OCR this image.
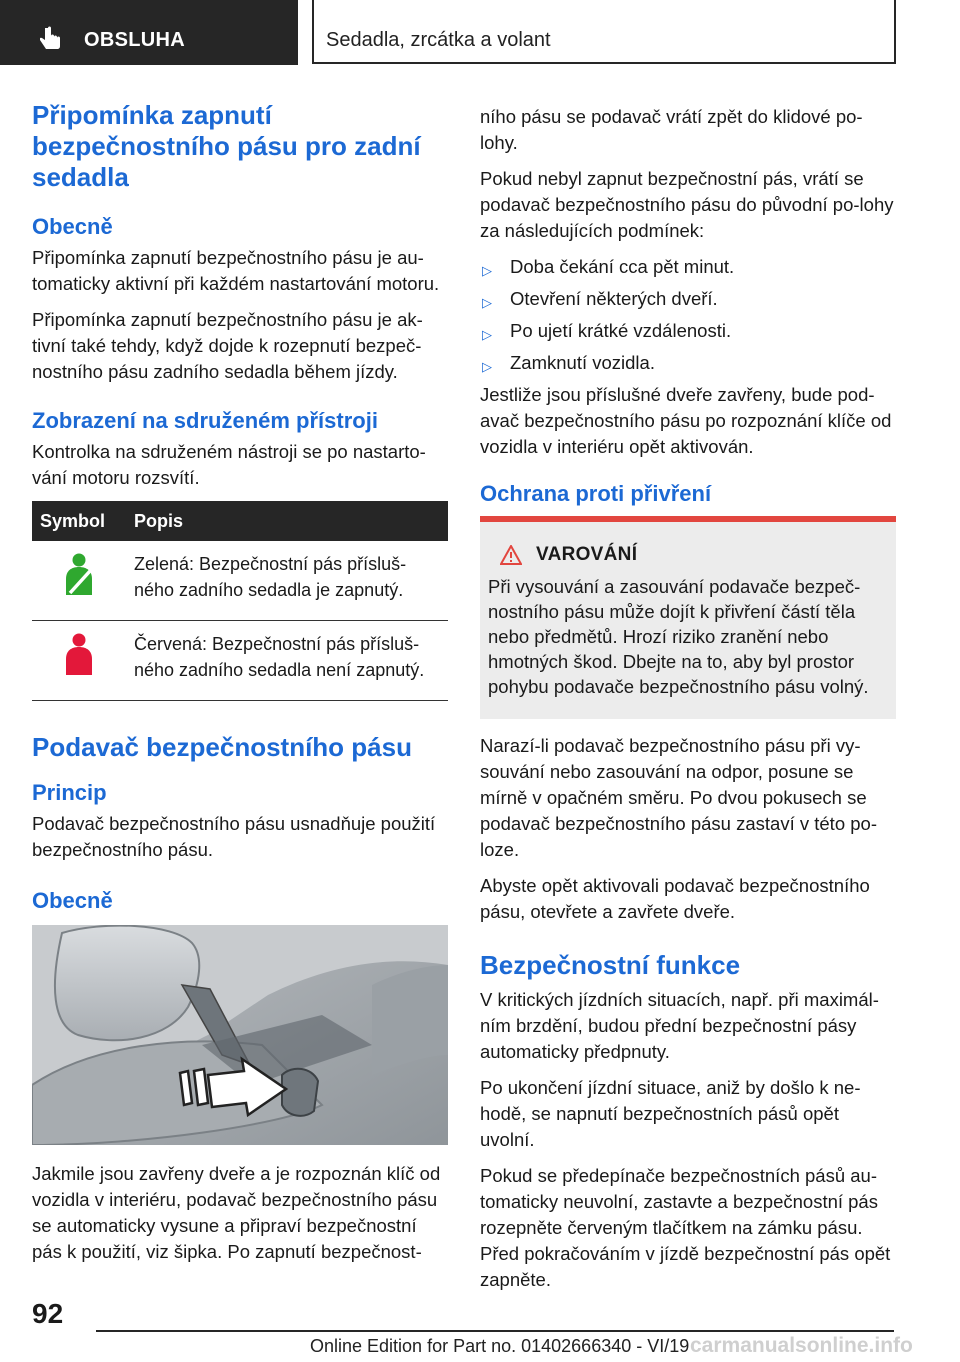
OBSLUHA	Sedadla, zrcátka a volant
Připomínka zapnutí bezpečnostního pásu pro zadní sedadla
Obecně

Připomínka zapnutí bezpečnostního pásu je au-tomaticky aktivní při každém nastartování motoru.

Připomínka zapnutí bezpečnostního pásu je ak-tivní také tehdy, když dojde k rozepnutí bezpeč-nostního pásu zadního sedadla během jízdy.

Zobrazení na sdruženém přístroji

Kontrolka na sdruženém nástroji se po nastarto-vání motoru rozsvítí.

Symbol	Popis
	Zelená: Bezpečnostní pás přísluš-ného zadního sedadla je zapnutý.
	Červená: Bezpečnostní pás přísluš-ného zadního sedadla není zapnutý.
Podavač bezpečnostního pásu
Princip

Podavač bezpečnostního pásu usnadňuje použití bezpečnostního pásu.

Obecně

Jakmile jsou zavřeny dveře a je rozpoznán klíč od vozidla v interiéru, podavač bezpečnostního pásu se automaticky vysune a připraví bezpečnostní pás k použití, viz šipka. Po zapnutí bezpečnost-

ního pásu se podavač vrátí zpět do klidové po-lohy.

Pokud nebyl zapnut bezpečnostní pás, vrátí se podavač bezpečnostního pásu do původní po-lohy za následujících podmínek:

▷ Doba čekání cca pět minut.
▷ Otevření některých dveří.
▷ Po ujetí krátké vzdálenosti.
▷ Zamknutí vozidla.

Jestliže jsou příslušné dveře zavřeny, bude pod-avač bezpečnostního pásu po rozpoznání klíče od vozidla v interiéru opět aktivován.

Ochrana proti přivření
VAROVÁNÍ

Při vysouvání a zasouvání podavače bezpeč-nostního pásu může dojít k přivření částí těla nebo předmětů. Hrozí riziko zranění nebo hmotných škod. Dbejte na to, aby byl prostor pohybu podavače bezpečnostního pásu volný.

Narazí-li podavač bezpečnostního pásu při vy-souvání nebo zasouvání na odpor, posune se mírně v opačném směru. Po dvou pokusech se podavač bezpečnostního pásu zastaví v této po-loze.

Abyste opět aktivovali podavač bezpečnostního pásu, otevřete a zavřete dveře.

Bezpečnostní funkce

V kritických jízdních situacích, např. při maximál-ním brzdění, budou přední bezpečnostní pásy automaticky předpnuty.

Po ukončení jízdní situace, aniž by došlo k ne-hodě, se napnutí bezpečnostních pásů opět uvolní.

Pokud se předepínače bezpečnostních pásů au-tomaticky neuvolní, zastavte a bezpečnostní pás rozepněte červeným tlačítkem na zámku pásu. Před pokračováním v jízdě bezpečnostní pás opět zapněte.

92
Online Edition for Part no. 01402666340 - VI/19 carmanualsonline.info
